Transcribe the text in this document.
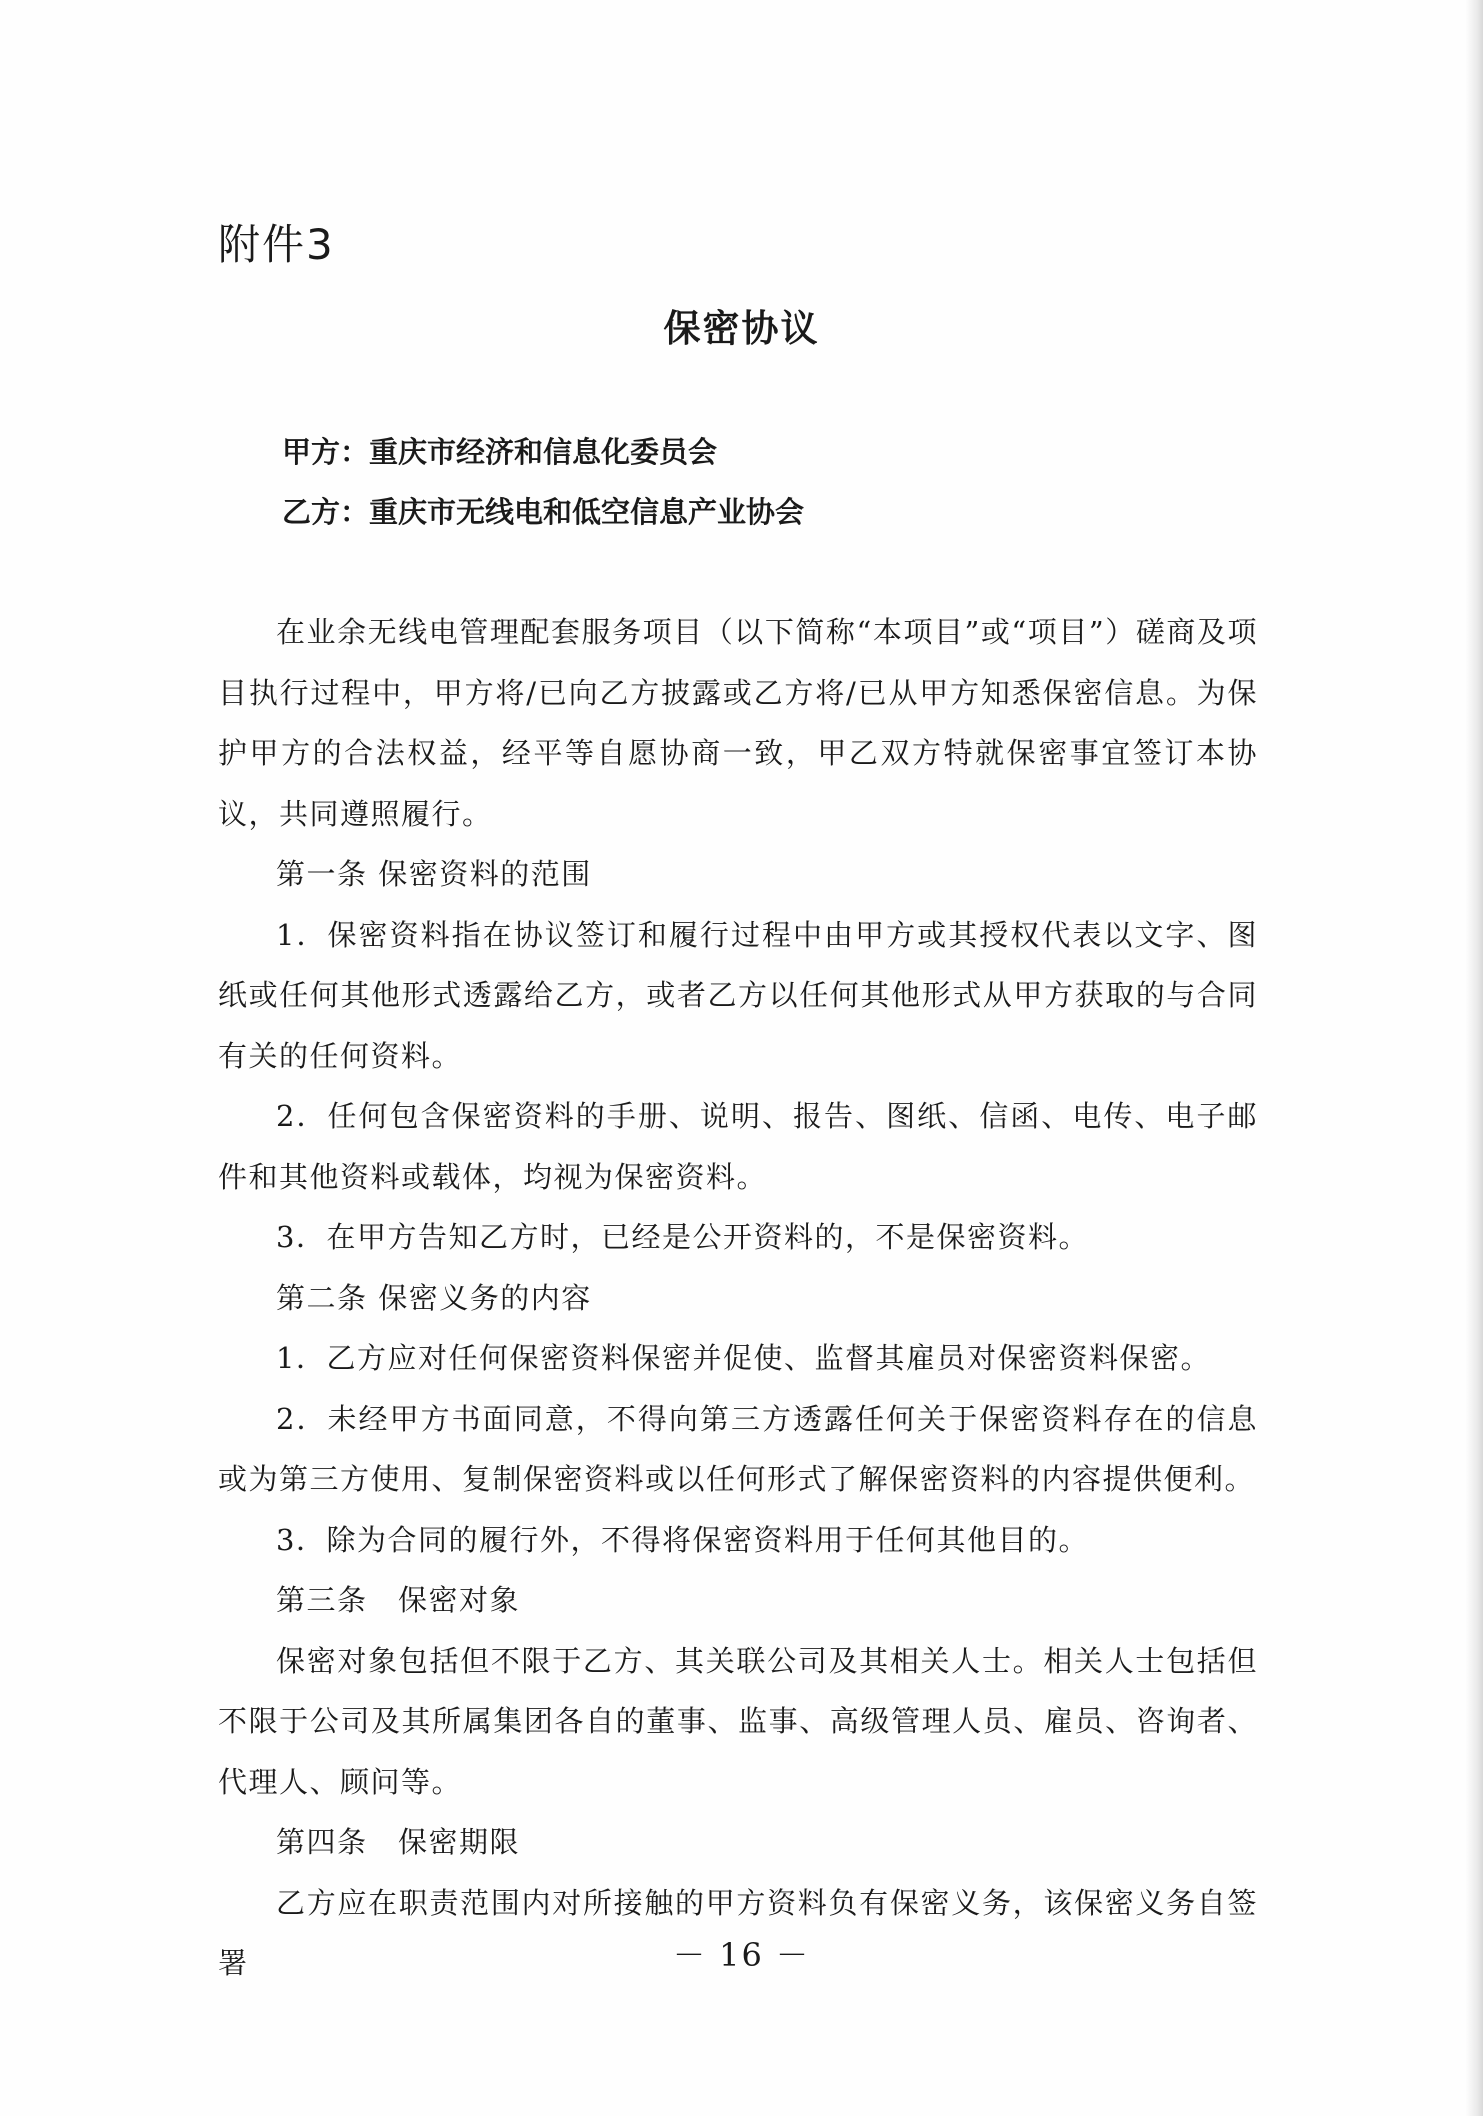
附件3
保密协议
甲方：重庆市经济和信息化委员会
乙方：重庆市无线电和低空信息产业协会

在业余无线电管理配套服务项目（以下简称“本项目”或“项目”）磋商及项目执行过程中，甲方将/已向乙方披露或乙方将/已从甲方知悉保密信息。为保护甲方的合法权益，经平等自愿协商一致，甲乙双方特就保密事宜签订本协议，共同遵照履行。

第一条 保密资料的范围

1．保密资料指在协议签订和履行过程中由甲方或其授权代表以文字、图纸或任何其他形式透露给乙方，或者乙方以任何其他形式从甲方获取的与合同有关的任何资料。

2．任何包含保密资料的手册、说明、报告、图纸、信函、电传、电子邮件和其他资料或载体，均视为保密资料。

3．在甲方告知乙方时，已经是公开资料的，不是保密资料。

第二条 保密义务的内容

1．乙方应对任何保密资料保密并促使、监督其雇员对保密资料保密。

2．未经甲方书面同意，不得向第三方透露任何关于保密资料存在的信息或为第三方使用、复制保密资料或以任何形式了解保密资料的内容提供便利。

3．除为合同的履行外，不得将保密资料用于任何其他目的。

第三条　保密对象

保密对象包括但不限于乙方、其关联公司及其相关人士。相关人士包括但不限于公司及其所属集团各自的董事、监事、高级管理人员、雇员、咨询者、代理人、顾问等。

第四条　保密期限

乙方应在职责范围内对所接触的甲方资料负有保密义务，该保密义务自签署	－ 16 －
